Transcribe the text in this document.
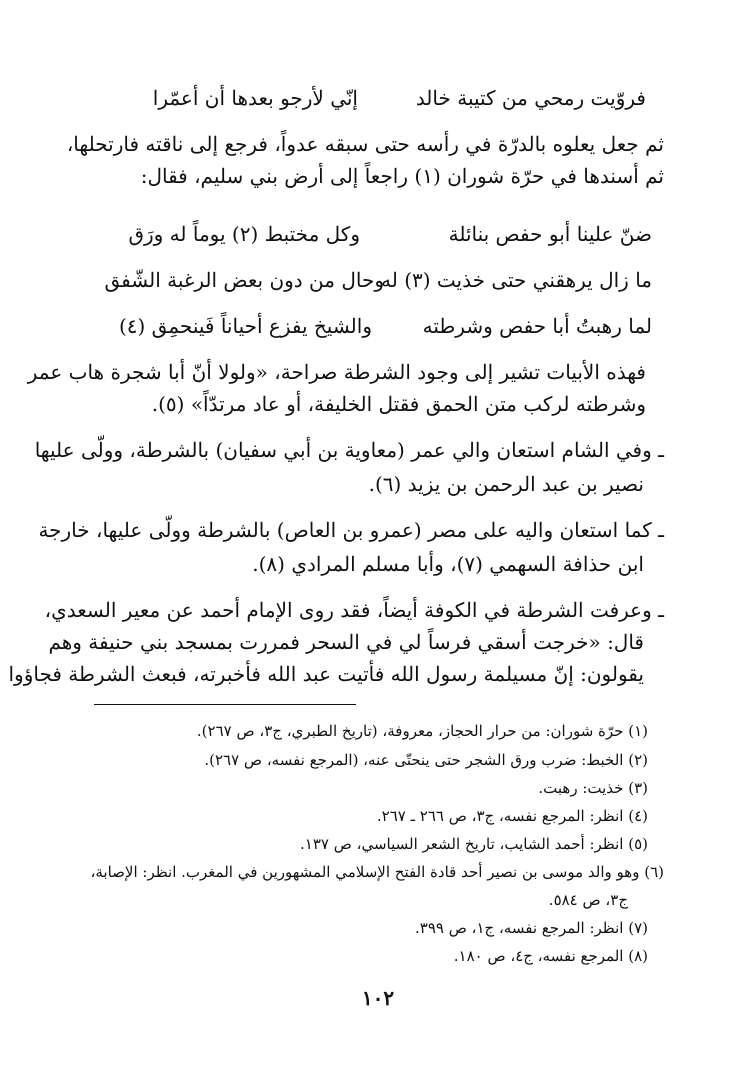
فروّيت رمحي من كتيبة خالد
إنّي لأرجو بعدها أن أعمّرا
ثم جعل يعلوه بالدرّة في رأسه حتى سبقه عدواً، فرجع إلى ناقته فارتحلها،
ثم أسندها في حرّة شوران (١) راجعاً إلى أرض بني سليم، فقال:
ضنّ علينا أبو حفص بنائلة
وكل مختبط (٢) يوماً له ورَق
ما زال يرهقني حتى خذيت (٣) له
وحال من دون بعض الرغبة الشّفق
لما رهبتُ أبا حفص وشرطته
والشيخ يفزع أحياناً فَينحمِق (٤)
فهذه الأبيات تشير إلى وجود الشرطة صراحة، «ولولا أنّ أبا شجرة هاب عمر
وشرطته لركب متن الحمق فقتل الخليفة، أو عاد مرتدّاً» (٥).
ـ وفي الشام استعان والي عمر (معاوية بن أبي سفيان) بالشرطة، وولّى عليها
نصير بن عبد الرحمن بن يزيد (٦).
ـ كما استعان واليه على مصر (عمرو بن العاص) بالشرطة وولّى عليها، خارجة
ابن حذافة السهمي (٧)، وأبا مسلم المرادي (٨).
ـ وعرفت الشرطة في الكوفة أيضاً، فقد روى الإمام أحمد عن معير السعدي،
قال: «خرجت أسقي فرساً لي في السحر فمررت بمسجد بني حنيفة وهم
يقولون: إنّ مسيلمة رسول الله فأتيت عبد الله فأخبرته، فبعث الشرطة فجاؤوا
(١) حرّة شوران: من حرار الحجاز، معروفة، (تاريخ الطبري، ج٣، ص ٢٦٧).
(٢) الخبط: ضرب ورق الشجر حتى ينحتّى عنه، (المرجع نفسه، ص ٢٦٧).
(٣) خذيت: رهبت.
(٤) انظر: المرجع نفسه، ج٣، ص ٢٦٦ ـ ٢٦٧.
(٥) انظر: أحمد الشايب، تاريخ الشعر السياسي، ص ١٣٧.
(٦) وهو والد موسى بن نصير أحد قادة الفتح الإسلامي المشهورين في المغرب. انظر: الإصابة،
ج٣، ص ٥٨٤.
(٧) انظر: المرجع نفسه، ج١، ص ٣٩٩.
(٨) المرجع نفسه، ج٤، ص ١٨٠.
١٠٢
